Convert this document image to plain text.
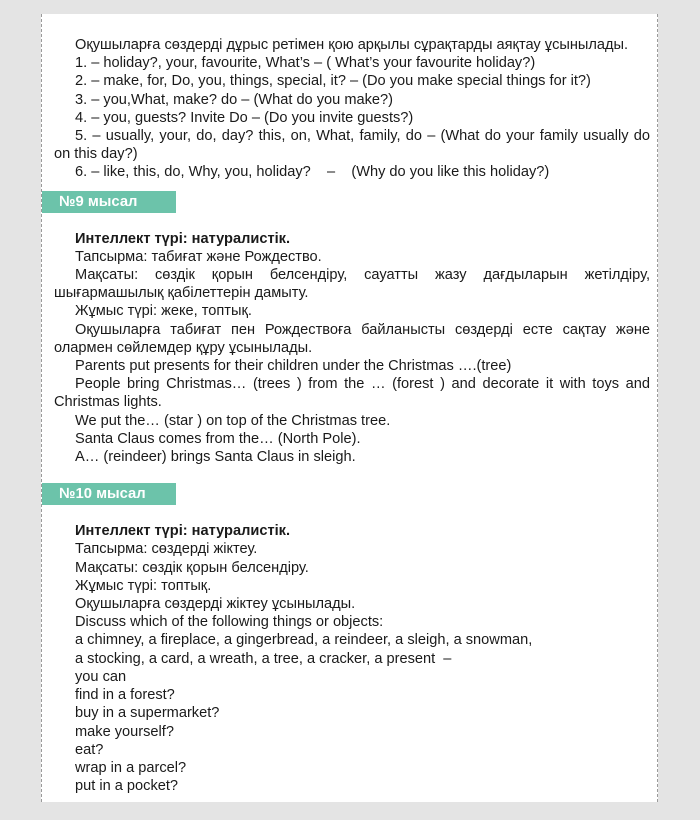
Оқушыларға сөздерді дұрыс ретімен қою арқылы сұрақтарды аяқтау ұсынылады.

1. – holiday?, your, favourite, What’s – ( What’s your favourite holiday?)

2. – make, for, Do, you, things, special, it? – (Do you make special things for it?)

3. – you,What, make? do – (What do you make?)

4. – you, guests? Invite Do – (Do you invite guests?)

5. – usually, your, do, day? this, on, What, family, do – (What do your family usually do on this day?)

6. – like, this, do, Why, you, holiday?    –    (Why do you like this holiday?)

№9 мысал

Интеллект түрі: натуралистік.

Тапсырма: табиғат және Рождество.

Мақсаты: сөздік қорын белсендіру, сауатты жазу дағдыларын жетілдіру, шығармашылық қабілеттерін дамыту.

Жұмыс түрі: жеке, топтық.

Оқушыларға табиғат пен Рождествоға байланысты сөздерді есте сақтау және олармен сөйлемдер құру ұсынылады.

Parents put presents for their children under the Christmas ….(tree)

People bring Christmas… (trees ) from the … (forest ) and decorate it with toys and Christmas lights.

We put the… (star ) on top of the Christmas tree.

Santa Claus comes from the… (North Pole).

A… (reindeer) brings Santa Claus in sleigh.

№10 мысал

Интеллект түрі: натуралистік.

Тапсырма: сөздерді жіктеу.

Мақсаты: сөздік қорын белсендіру.

Жұмыс түрі: топтық.

Оқушыларға сөздерді жіктеу ұсынылады.

Discuss which of the following things or objects:

a chimney, a fireplace, a gingerbread, a reindeer, a sleigh, a snowman,

a stocking, a card, a wreath, a tree, a cracker, a present  –

you can

find in a forest?

buy in a supermarket?

make yourself?

eat?

wrap in a parcel?

put in a pocket?
